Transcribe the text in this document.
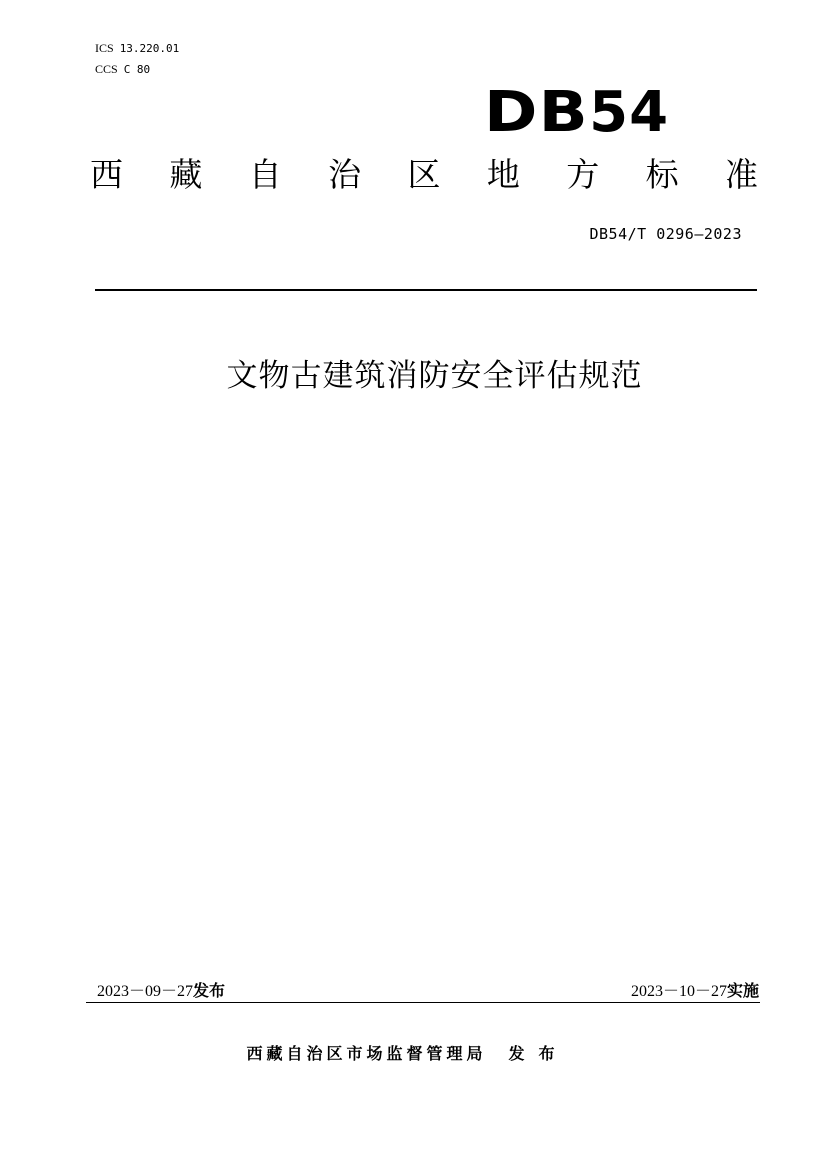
ICS 13.220.01
CCS C 80
DB54
西 藏 自 治 区 地 方 标 准
DB54/T 0296—2023
文物古建筑消防安全评估规范
2023－09－27发布	2023－10－27实施
西藏自治区市场监督管理局 发布
